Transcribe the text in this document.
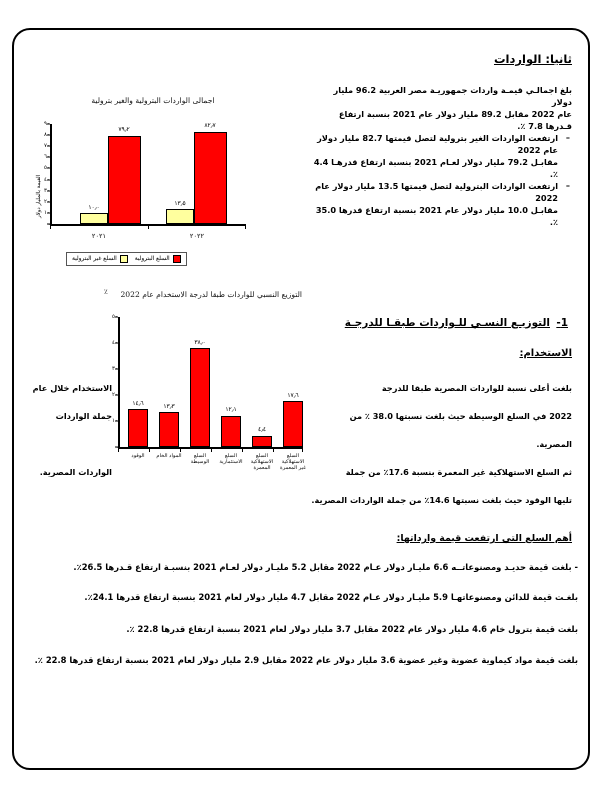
ثانيا: الواردات
بلغ اجمالـي قيمـة واردات جمهوريـة مصر العربية 96.2 مليار دولار
عام 2022 مقابل 89.2 مليار دولار عام 2021 بنسبة ارتفاع قـدرها 7.8 ٪.
–
ارتفعت الواردات الغير بترولية لتصل قيمتها 82.7 مليار دولار عام 2022
مقابـل 79.2 مليار دولار لعـام 2021 بنسبة ارتفاع قدرهـا 4.4 ٪.
–
ارتفعت الواردات البترولية لتصل قيمتها 13.5 مليار دولار عام 2022
مقابـل 10.0 مليار دولار عام 2021 بنسبة ارتفاع قدرها 35.0 ٪.
التوزيـع النسـي للـواردات طبقـا للدرجـة 1-
الاستخدام:
بلغت أعلى نسبة للواردات المصرية طبقا للدرجة
2022 في السلع الوسيطة حيث بلغت نسبتها 38.0 ٪ من
المصرية.
ثم السلع الاستهلاكية غير المعمرة بنسبة 17.6٪ من جملة
تليها الوقود حيث بلغت نسبتها 14.6٪ من جملة الواردات المصرية.
الاستخدام خلال عام
جملة الواردات
الواردات المصرية.
أهم السلع التي ارتفعت قيمة وارداتها:
- بلغت قيمة حديـد ومصنوعاتــه 6.6 مليـار دولار عـام 2022 مقابل 5.2 مليـار دولار لعـام 2021 بنسبـة ارتفاع قـدرها 26.5٪.
بلغـت قيمة للدائن ومصنوعاتهـا 5.9 مليـار دولار عـام 2022 مقابل 4.7 مليار دولار لعام 2021 بنسبة ارتفاع قدرها 24.1٪.
بلغت قيمة بترول خام 4.6 مليار دولار عام 2022 مقابل 3.7 مليار دولار لعام 2021 بنسبة ارتفاع قدرها 22.8 ٪.
بلغت قيمة مواد كيماوية عضوية وغير عضوية 3.6 مليار دولار عام 2022 مقابل 2.9 مليار دولار لعام 2021 بنسبة ارتفاع قدرها 22.8 ٪.
اجمالى الواردات البترولية والغير بترولية
القيمة بالمليار دولار
.
١٠
٢٠
٣٠
٤٠
٥٠
٦٠
٧٠
٨٠
٩٠
١٠٫٠
٧٩٫٢
١٣٫٥
٨٢٫٧
٢٠٢١	٢٠٢٢
السلع غير البترولية	السلع البترولية
التوزيع النسبي للواردات طبقا لدرجة الاستخدام عام 2022
٪
.
١٠
٢٠
٣٠
٤٠
٥٠
١٤٫٦	١٣٫٣
٣٨٫٠
١٢٫١
٤٫٤
١٧٫٦
الوقود	المواد الخام	السلع الوسيطة
السلع الاستثمارية
السلع الاستهلاكية المعمرة
السلع الاستهلاكية غير المعمرة
